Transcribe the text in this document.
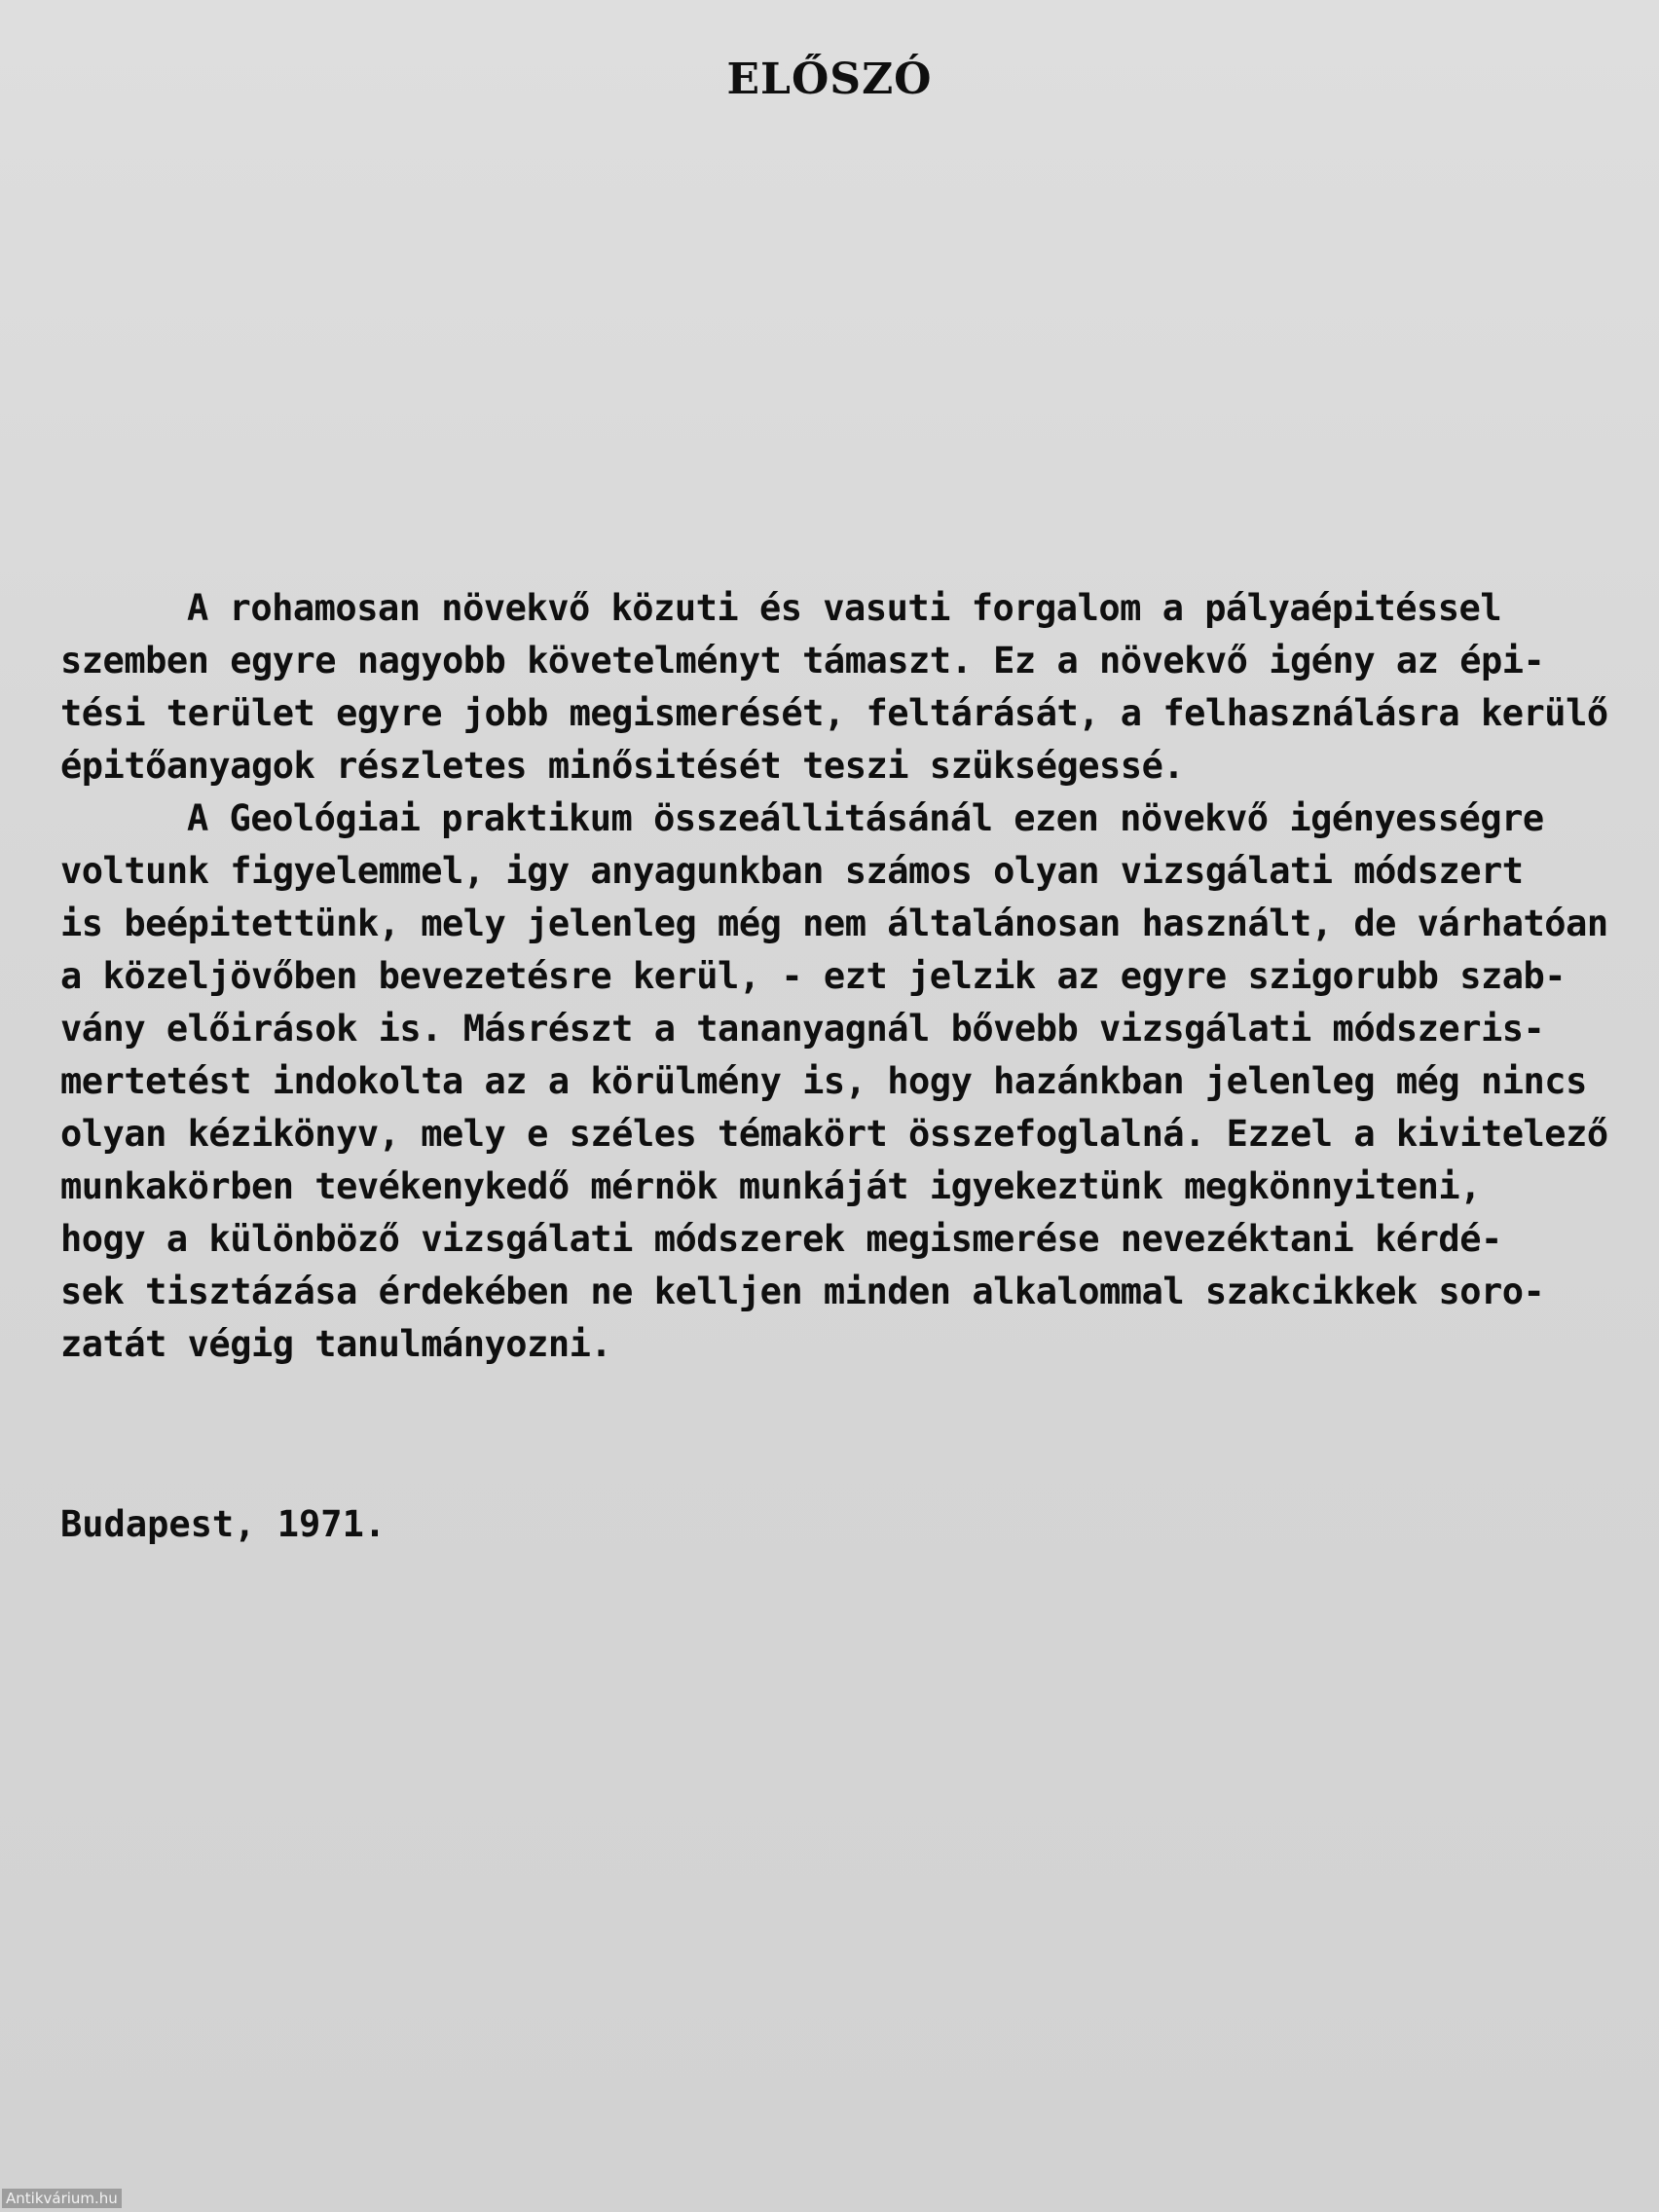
ELŐSZÓ
A rohamosan növekvő közuti és vasuti forgalom a pályaépitéssel
szemben egyre nagyobb követelményt támaszt. Ez a növekvő igény az épi-
tési terület egyre jobb megismerését, feltárását, a felhasználásra kerülő
épitőanyagok részletes minősitését teszi szükségessé.
A Geológiai praktikum összeállitásánál ezen növekvő igényességre
voltunk figyelemmel, igy anyagunkban számos olyan vizsgálati módszert
is beépitettünk, mely jelenleg még nem általánosan használt, de várhatóan
a közeljövőben bevezetésre kerül, - ezt jelzik az egyre szigorubb szab-
vány előirások is. Másrészt a tananyagnál bővebb vizsgálati módszeris-
mertetést indokolta az a körülmény is, hogy hazánkban jelenleg még nincs
olyan kézikönyv, mely e széles témakört összefoglalná. Ezzel a kivitelező
munkakörben tevékenykedő mérnök munkáját igyekeztünk megkönnyiteni,
hogy a különböző vizsgálati módszerek megismerése nevezéktani kérdé-
sek tisztázása érdekében ne kelljen minden alkalommal szakcikkek soro-
zatát végig tanulmányozni.
Budapest, 1971.
Antikvárium.hu
